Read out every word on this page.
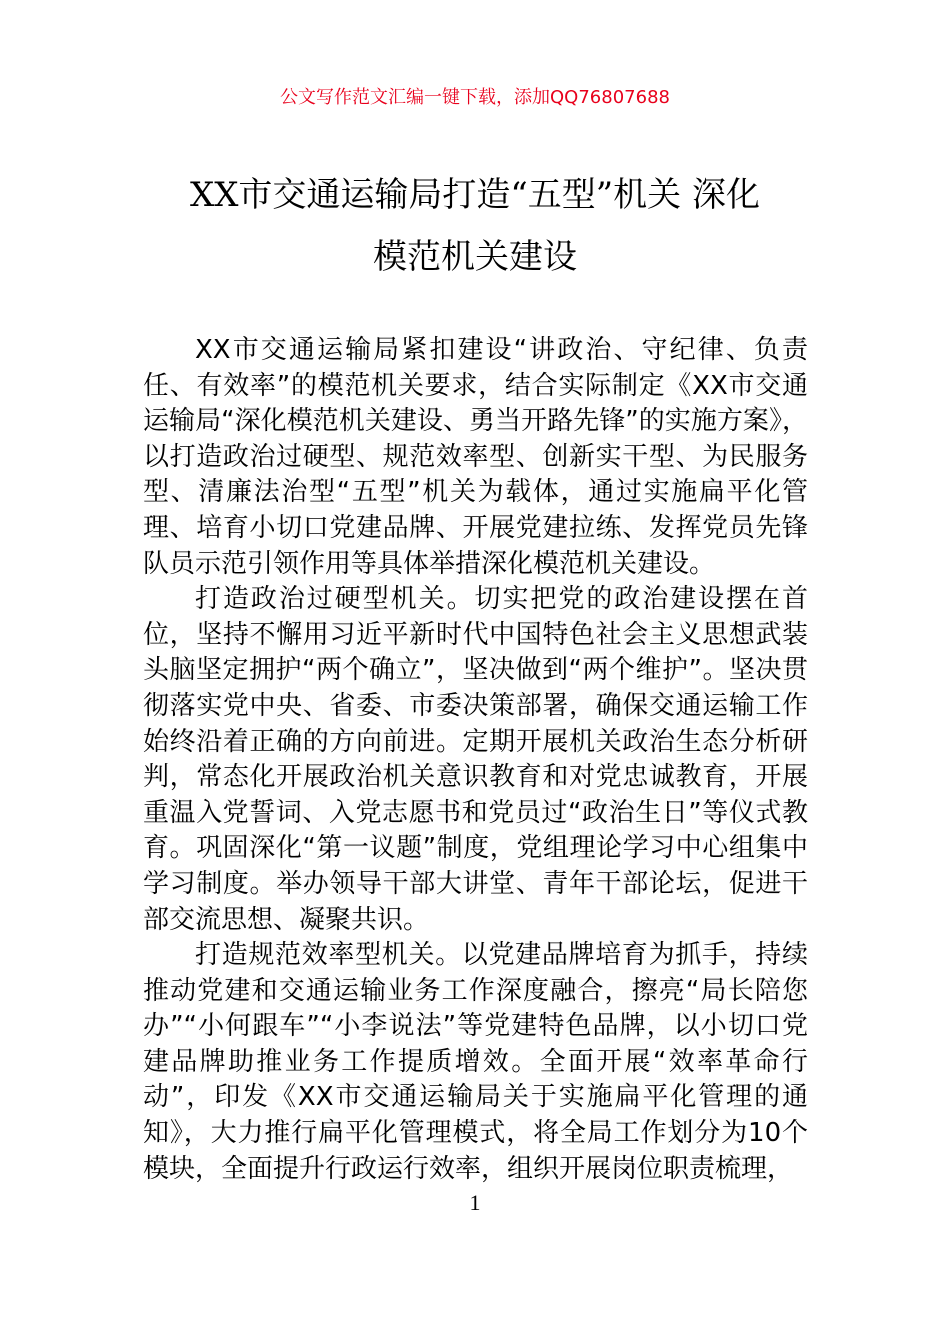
公文写作范文汇编一键下载，添加QQ76807688
XX市交通运输局打造“五型”机关 深化
模范机关建设

XX市交通运输局紧扣建设“讲政治、守纪律、负责任、有效率”的模范机关要求，结合实际制定《XX市交通运输局“深化模范机关建设、勇当开路先锋”的实施方案》，以打造政治过硬型、规范效率型、创新实干型、为民服务型、清廉法治型“五型”机关为载体，通过实施扁平化管理、培育小切口党建品牌、开展党建拉练、发挥党员先锋队员示范引领作用等具体举措深化模范机关建设。

打造政治过硬型机关。切实把党的政治建设摆在首位，坚持不懈用习近平新时代中国特色社会主义思想武装头脑坚定拥护“两个确立”，坚决做到“两个维护”。坚决贯彻落实党中央、省委、市委决策部署，确保交通运输工作始终沿着正确的方向前进。定期开展机关政治生态分析研判，常态化开展政治机关意识教育和对党忠诚教育，开展重温入党誓词、入党志愿书和党员过“政治生日”等仪式教育。巩固深化“第一议题”制度，党组理论学习中心组集中学习制度。举办领导干部大讲堂、青年干部论坛，促进干部交流思想、凝聚共识。

打造规范效率型机关。以党建品牌培育为抓手，持续推动党建和交通运输业务工作深度融合，擦亮“局长陪您办”“小何跟车”“小李说法”等党建特色品牌，以小切口党建品牌助推业务工作提质增效。全面开展“效率革命行动”，印发《XX市交通运输局关于实施扁平化管理的通知》，大力推行扁平化管理模式，将全局工作划分为10个模块，全面提升行政运行效率，组织开展岗位职责梳理，

1
